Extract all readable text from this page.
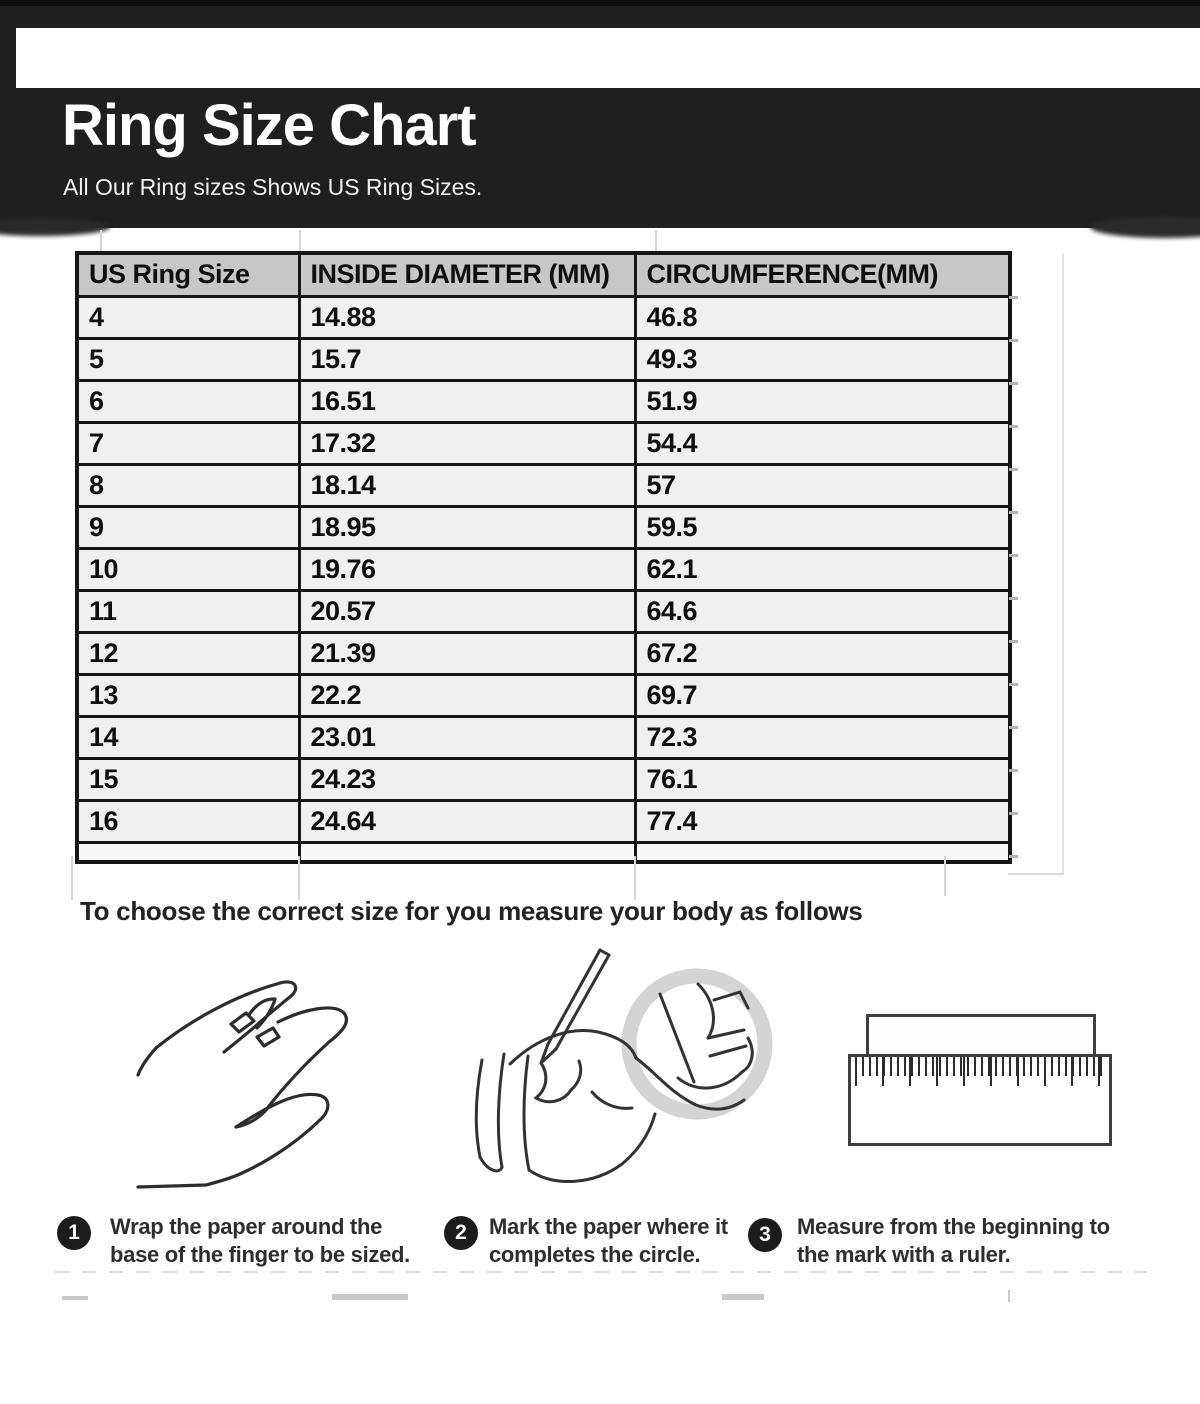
Ring Size Chart

All Our Ring sizes Shows US Ring Sizes.

US Ring Size	INSIDE DIAMETER (MM)	CIRCUMFERENCE(MM)
4	14.88	46.8
5	15.7	49.3
6	16.51	51.9
7	17.32	54.4
8	18.14	57
9	18.95	59.5
10	19.76	62.1
11	20.57	64.6
12	21.39	67.2
13	22.2	69.7
14	23.01	72.3
15	24.23	76.1
16	24.64	77.4

To choose the correct size for you measure your body as follows
1	Wrap the paper around the
base of the finger to be sized.
2	Mark the paper where it
completes the circle.
3	Measure from the beginning to
the mark with a ruler.
